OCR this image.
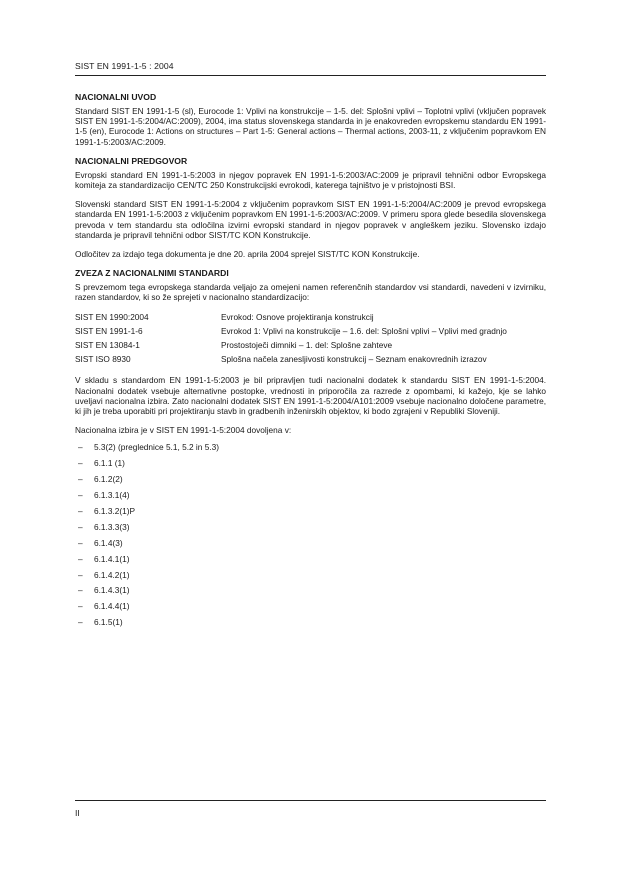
SIST EN 1991-1-5 : 2004
NACIONALNI UVOD

Standard SIST EN 1991-1-5 (sl), Eurocode 1: Vplivi na konstrukcije – 1-5. del: Splošni vplivi – Toplotni vplivi (vključen popravek SIST EN 1991-1-5:2004/AC:2009), 2004, ima status slovenskega standarda in je enakovreden evropskemu standardu EN 1991-1-5 (en), Eurocode 1: Actions on structures – Part 1-5: General actions – Thermal actions, 2003-11, z vključenim popravkom EN 1991-1-5:2003/AC:2009.

NACIONALNI PREDGOVOR

Evropski standard EN 1991-1-5:2003 in njegov popravek EN 1991-1-5:2003/AC:2009 je pripravil tehnični odbor Evropskega komiteja za standardizacijo CEN/TC 250 Konstrukcijski evrokodi, katerega tajništvo je v pristojnosti BSI.

Slovenski standard SIST EN 1991-1-5:2004 z vključenim popravkom SIST EN 1991-1-5:2004/AC:2009 je prevod evropskega standarda EN 1991-1-5:2003 z vključenim popravkom EN 1991-1-5:2003/AC:2009. V primeru spora glede besedila slovenskega prevoda v tem standardu sta odločilna izvirni evropski standard in njegov popravek v angleškem jeziku. Slovensko izdajo standarda je pripravil tehnični odbor SIST/TC KON Konstrukcije.

Odločitev za izdajo tega dokumenta je dne 20. aprila 2004 sprejel SIST/TC KON Konstrukcije.

ZVEZA Z NACIONALNIMI STANDARDI

S prevzemom tega evropskega standarda veljajo za omejeni namen referenčnih standardov vsi standardi, navedeni v izvirniku, razen standardov, ki so že sprejeti v nacionalno standardizacijo:

SIST EN 1990:2004	Evrokod: Osnove projektiranja konstrukcij
SIST EN 1991-1-6	Evrokod 1: Vplivi na konstrukcije – 1.6. del: Splošni vplivi – Vplivi med gradnjo
SIST EN 13084-1	Prostostoječi dimniki – 1. del: Splošne zahteve
SIST ISO 8930	Splošna načela zanesljivosti konstrukcij – Seznam enakovrednih izrazov

V skladu s standardom EN 1991-1-5:2003 je bil pripravljen tudi nacionalni dodatek k standardu SIST EN 1991-1-5:2004. Nacionalni dodatek vsebuje alternativne postopke, vrednosti in priporočila za razrede z opombami, ki kažejo, kje se lahko uveljavi nacionalna izbira. Zato nacionalni dodatek SIST EN 1991-1-5:2004/A101:2009 vsebuje nacionalno določene parametre, ki jih je treba uporabiti pri projektiranju stavb in gradbenih inženirskih objektov, ki bodo zgrajeni v Republiki Sloveniji.

Nacionalna izbira je v SIST EN 1991-1-5:2004 dovoljena v:

– 5.3(2) (preglednice 5.1, 5.2 in 5.3)
– 6.1.1 (1)
– 6.1.2(2)
– 6.1.3.1(4)
– 6.1.3.2(1)P
– 6.1.3.3(3)
– 6.1.4(3)
– 6.1.4.1(1)
– 6.1.4.2(1)
– 6.1.4.3(1)
– 6.1.4.4(1)
– 6.1.5(1)
II
